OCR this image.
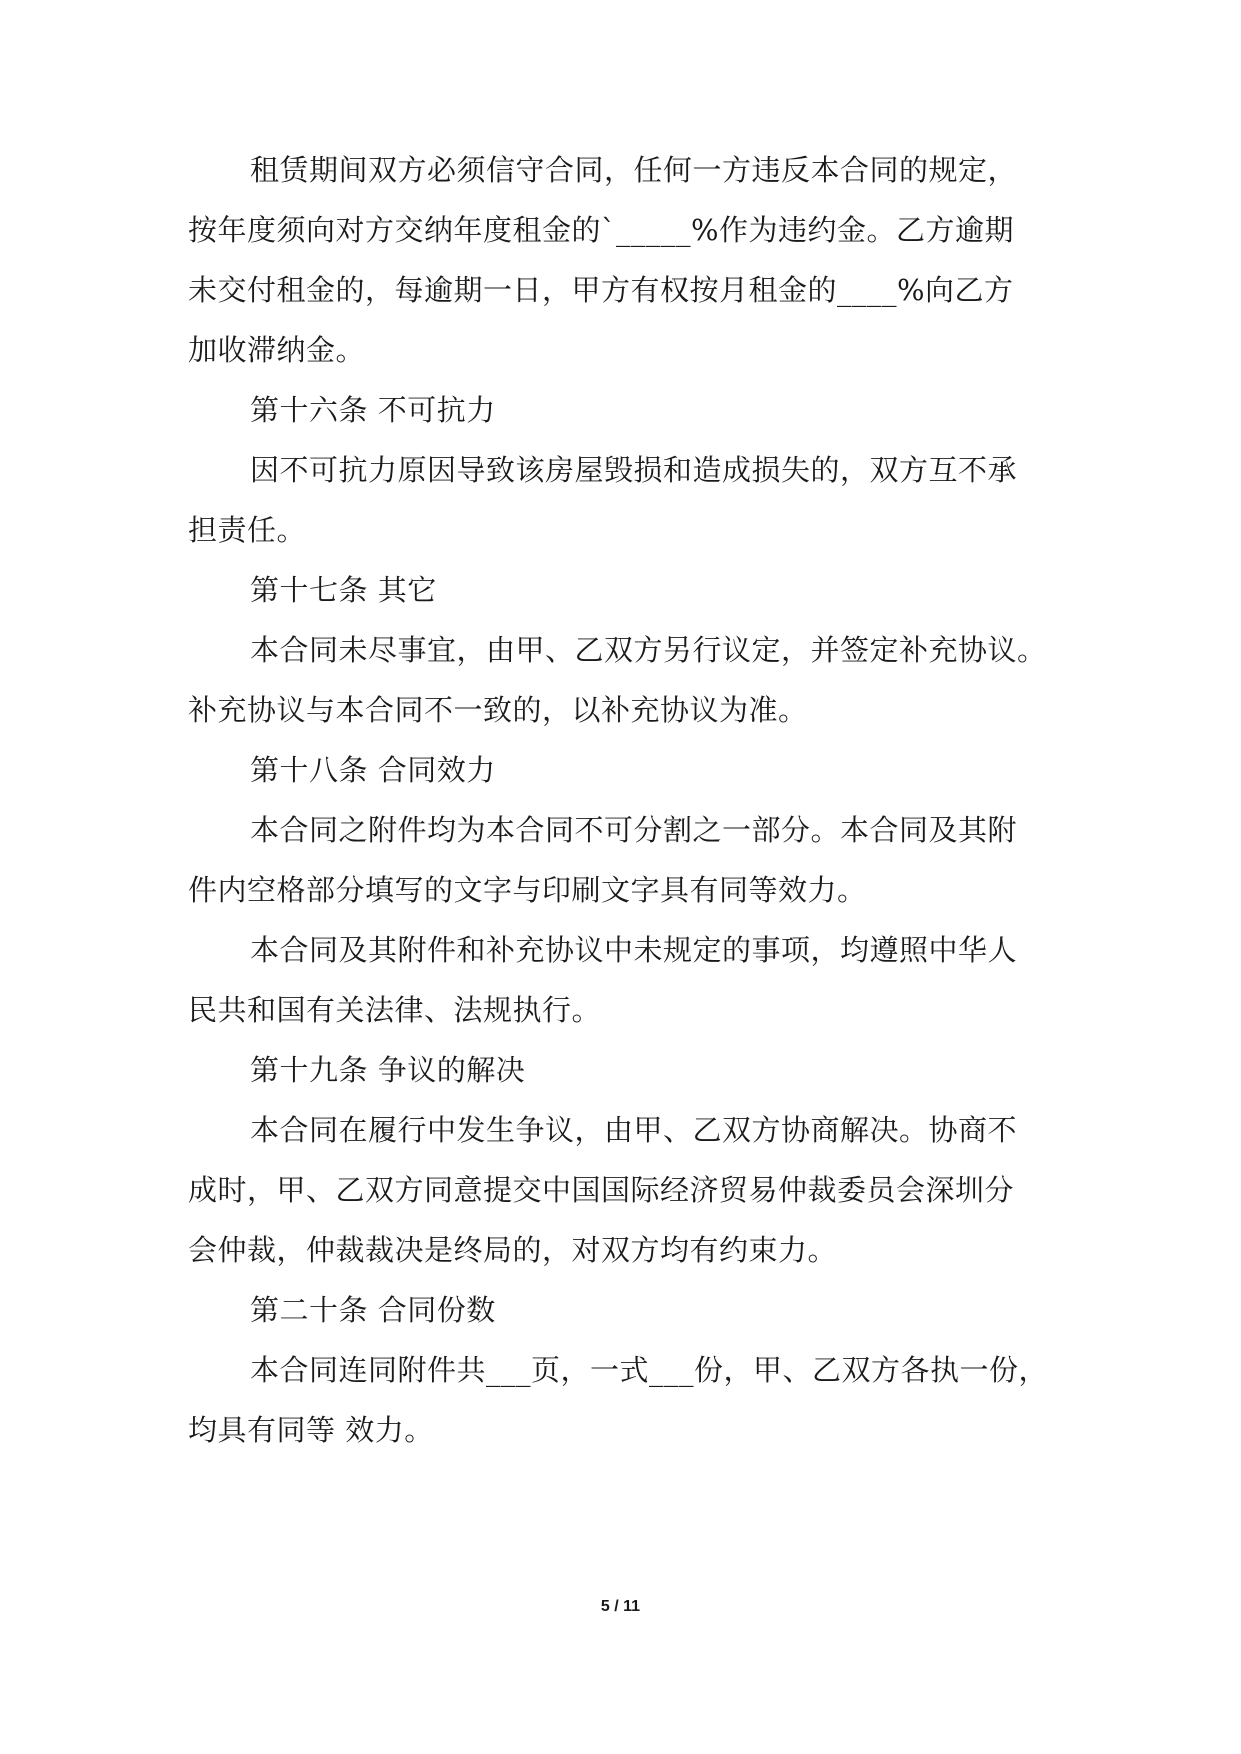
租赁期间双方必须信守合同，任何一方违反本合同的规定，
按年度须向对方交纳年度租金的`_____%作为违约金。乙方逾期
未交付租金的，每逾期一日，甲方有权按月租金的____%向乙方
加收滞纳金。
第十六条 不可抗力
因不可抗力原因导致该房屋毁损和造成损失的，双方互不承
担责任。
第十七条 其它
本合同未尽事宜，由甲、乙双方另行议定，并签定补充协议。
补充协议与本合同不一致的，以补充协议为准。
第十八条 合同效力
本合同之附件均为本合同不可分割之一部分。本合同及其附
件内空格部分填写的文字与印刷文字具有同等效力。
本合同及其附件和补充协议中未规定的事项，均遵照中华人
民共和国有关法律、法规执行。
第十九条 争议的解决
本合同在履行中发生争议，由甲、乙双方协商解决。协商不
成时，甲、乙双方同意提交中国国际经济贸易仲裁委员会深圳分
会仲裁，仲裁裁决是终局的，对双方均有约束力。
第二十条 合同份数
本合同连同附件共___页，一式___份，甲、乙双方各执一份，
均具有同等 效力。
5 / 11
